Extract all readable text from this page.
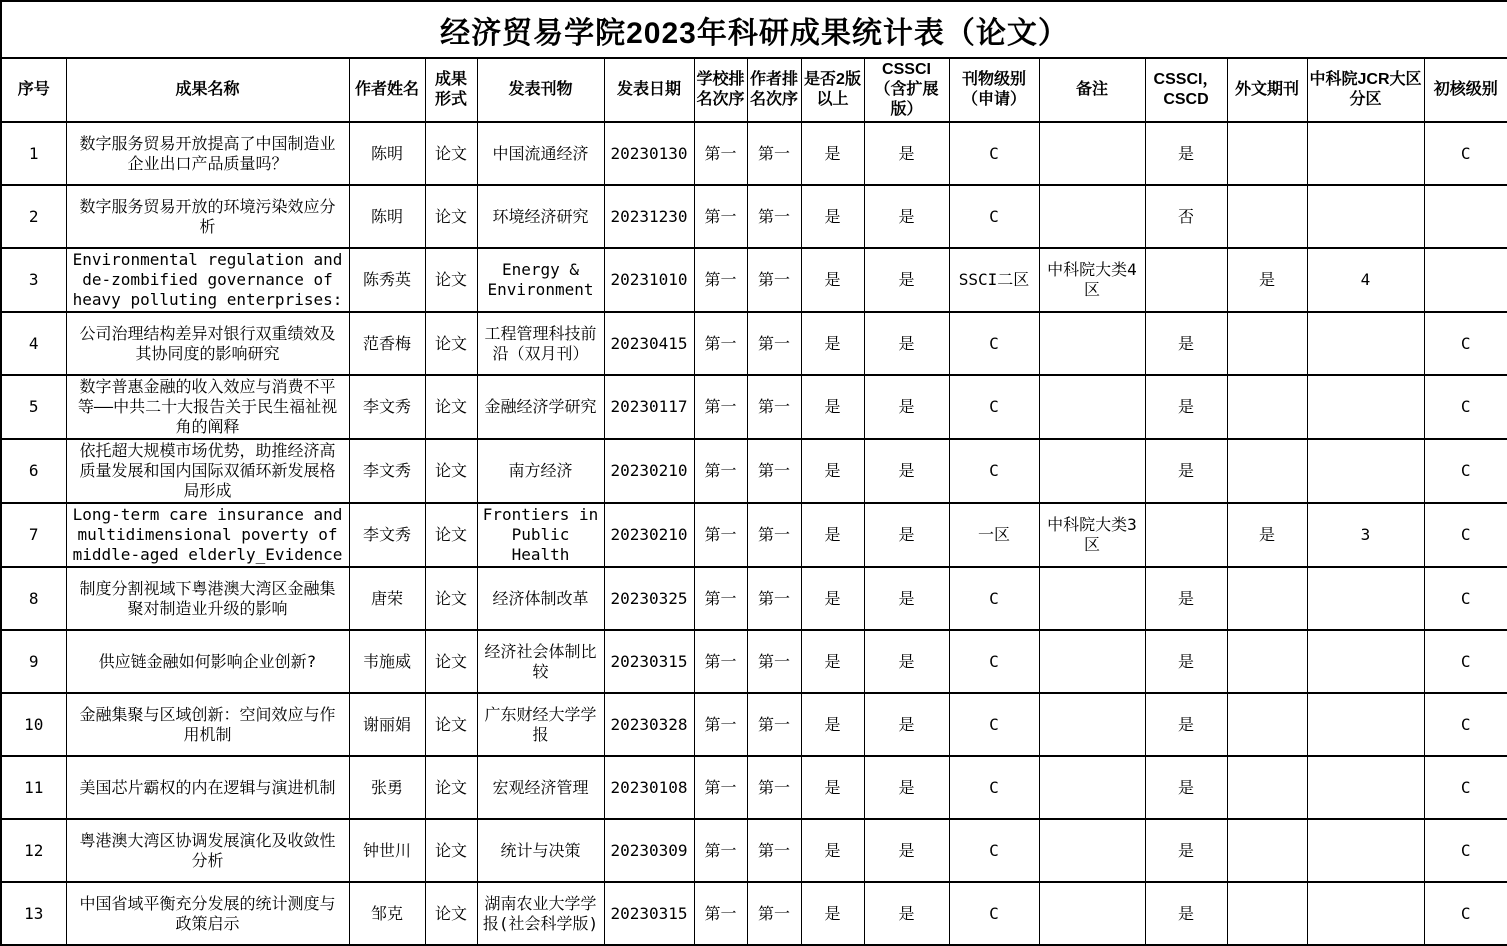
经济贸易学院2023年科研成果统计表（论文）															
序号	成果名称	作者姓名	成果形式	发表刊物	发表日期	学校排名次序	作者排名次序	是否2版以上	CSSCI（含扩展版）	刊物级别（申请）	备注	CSSCI，CSCD	外文期刊	中科院JCR大区分区	初核级别
1	数字服务贸易开放提高了中国制造业企业出口产品质量吗？	陈明	论文	中国流通经济	20230130	第一	第一	是	是	C		是			C
2	数字服务贸易开放的环境污染效应分析	陈明	论文	环境经济研究	20231230	第一	第一	是	是	C		否			
3	Environmental regulation and de-zombified governance of heavy polluting enterprises:	陈秀英	论文	Energy & Environment	20231010	第一	第一	是	是	SSCI二区	中科院大类4区		是	4	
4	公司治理结构差异对银行双重绩效及其协同度的影响研究	范香梅	论文	工程管理科技前沿（双月刊）	20230415	第一	第一	是	是	C		是			C
5	数字普惠金融的收入效应与消费不平等——中共二十大报告关于民生福祉视角的阐释	李文秀	论文	金融经济学研究	20230117	第一	第一	是	是	C		是			C
6	依托超大规模市场优势，助推经济高质量发展和国内国际双循环新发展格局形成	李文秀	论文	南方经济	20230210	第一	第一	是	是	C		是			C
7	Long-term care insurance and multidimensional poverty of middle-aged elderly_Evidence	李文秀	论文	Frontiers in Public Health	20230210	第一	第一	是	是	一区	中科院大类3区		是	3	C
8	制度分割视域下粤港澳大湾区金融集聚对制造业升级的影响	唐荣	论文	经济体制改革	20230325	第一	第一	是	是	C		是			C
9	供应链金融如何影响企业创新?	韦施威	论文	经济社会体制比较	20230315	第一	第一	是	是	C		是			C
10	金融集聚与区域创新：空间效应与作用机制	谢丽娟	论文	广东财经大学学报	20230328	第一	第一	是	是	C		是			C
11	美国芯片霸权的内在逻辑与演进机制	张勇	论文	宏观经济管理	20230108	第一	第一	是	是	C		是			C
12	粤港澳大湾区协调发展演化及收敛性分析	钟世川	论文	统计与决策	20230309	第一	第一	是	是	C		是			C
13	中国省域平衡充分发展的统计测度与政策启示	邹克	论文	湖南农业大学学报(社会科学版)	20230315	第一	第一	是	是	C		是			C
